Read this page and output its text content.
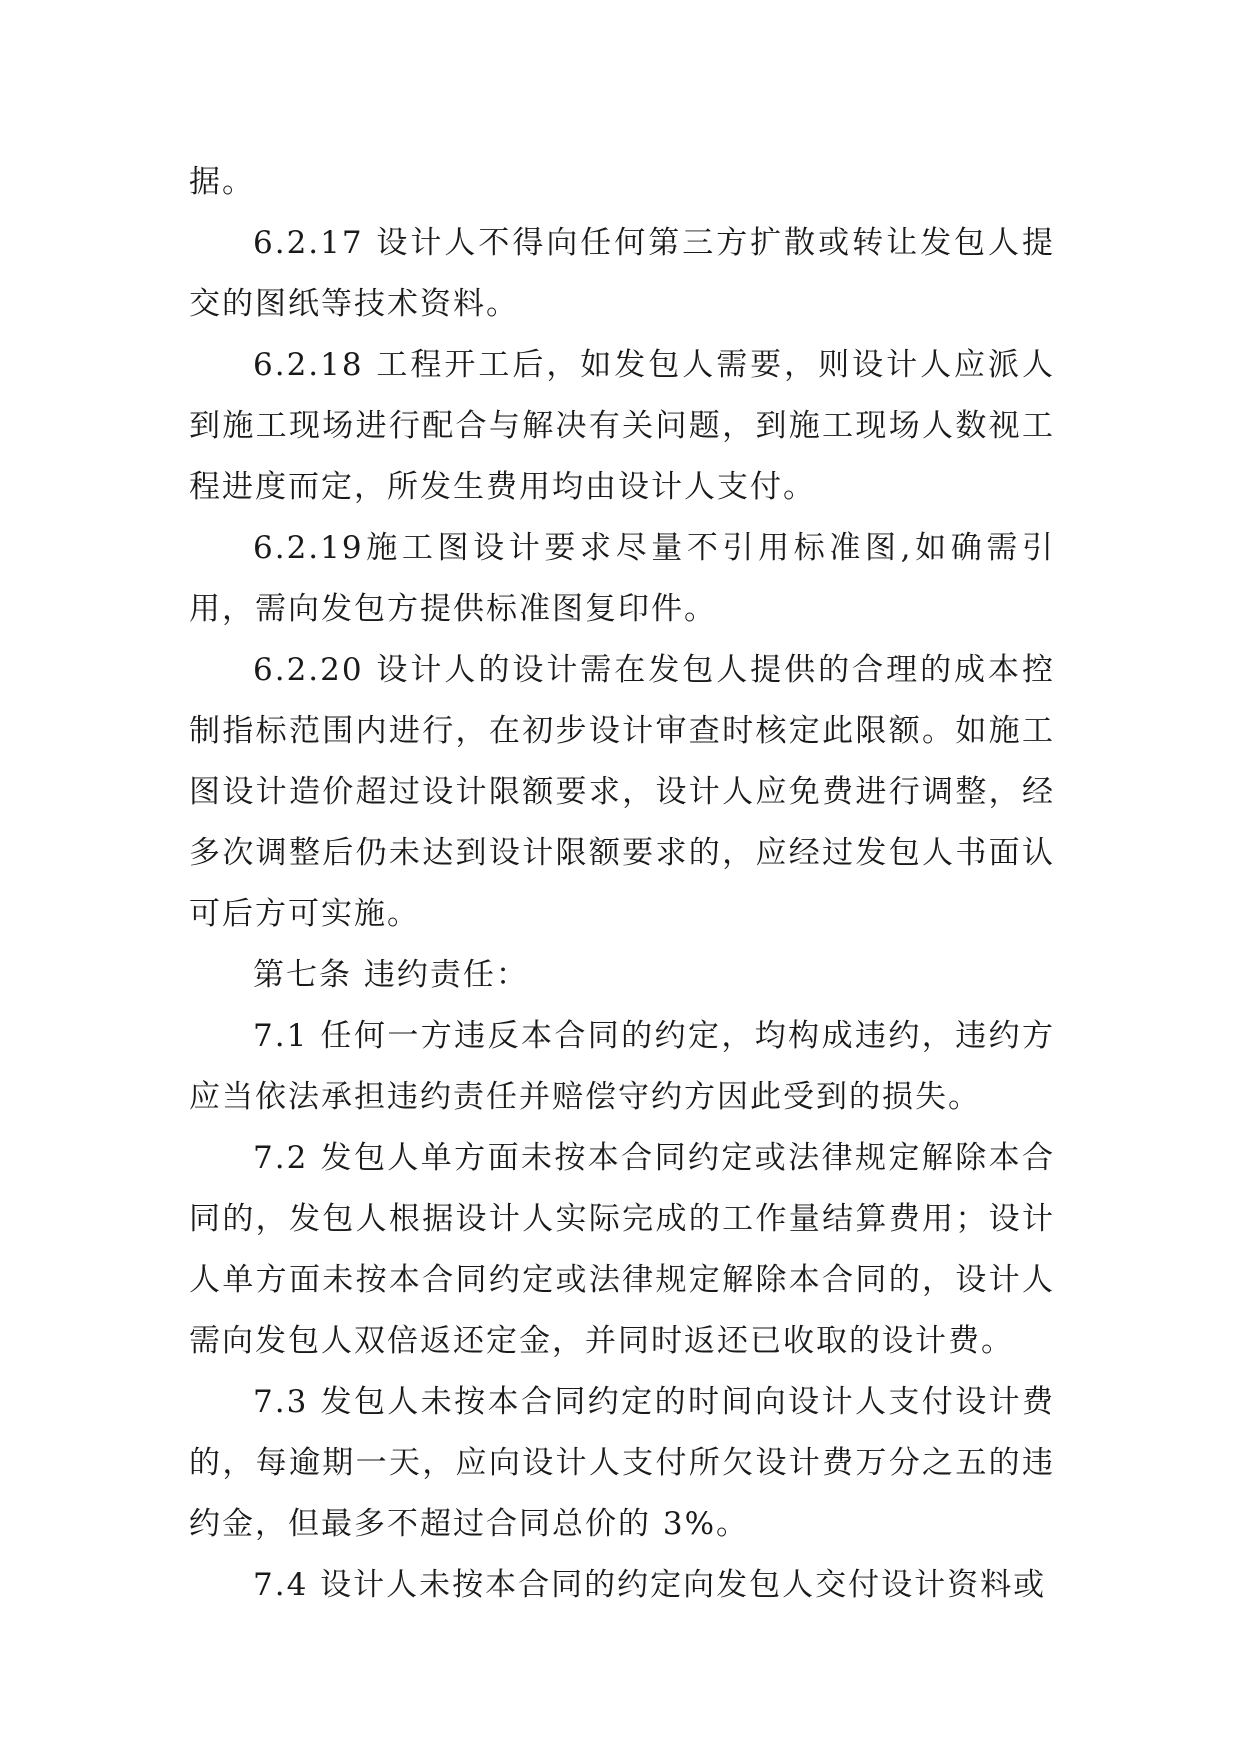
据。

6.2.17 设计人不得向任何第三方扩散或转让发包人提交的图纸等技术资料。

6.2.18 工程开工后，如发包人需要，则设计人应派人到施工现场进行配合与解决有关问题，到施工现场人数视工程进度而定，所发生费用均由设计人支付。

6.2.19施工图设计要求尽量不引用标准图,如确需引用，需向发包方提供标准图复印件。

6.2.20 设计人的设计需在发包人提供的合理的成本控制指标范围内进行，在初步设计审查时核定此限额。如施工图设计造价超过设计限额要求，设计人应免费进行调整，经多次调整后仍未达到设计限额要求的，应经过发包人书面认可后方可实施。

第七条 违约责任：

7.1 任何一方违反本合同的约定，均构成违约，违约方应当依法承担违约责任并赔偿守约方因此受到的损失。

7.2 发包人单方面未按本合同约定或法律规定解除本合同的，发包人根据设计人实际完成的工作量结算费用；设计人单方面未按本合同约定或法律规定解除本合同的，设计人需向发包人双倍返还定金，并同时返还已收取的设计费。

7.3 发包人未按本合同约定的时间向设计人支付设计费的，每逾期一天，应向设计人支付所欠设计费万分之五的违约金，但最多不超过合同总价的 3%。

7.4 设计人未按本合同的约定向发包人交付设计资料或
